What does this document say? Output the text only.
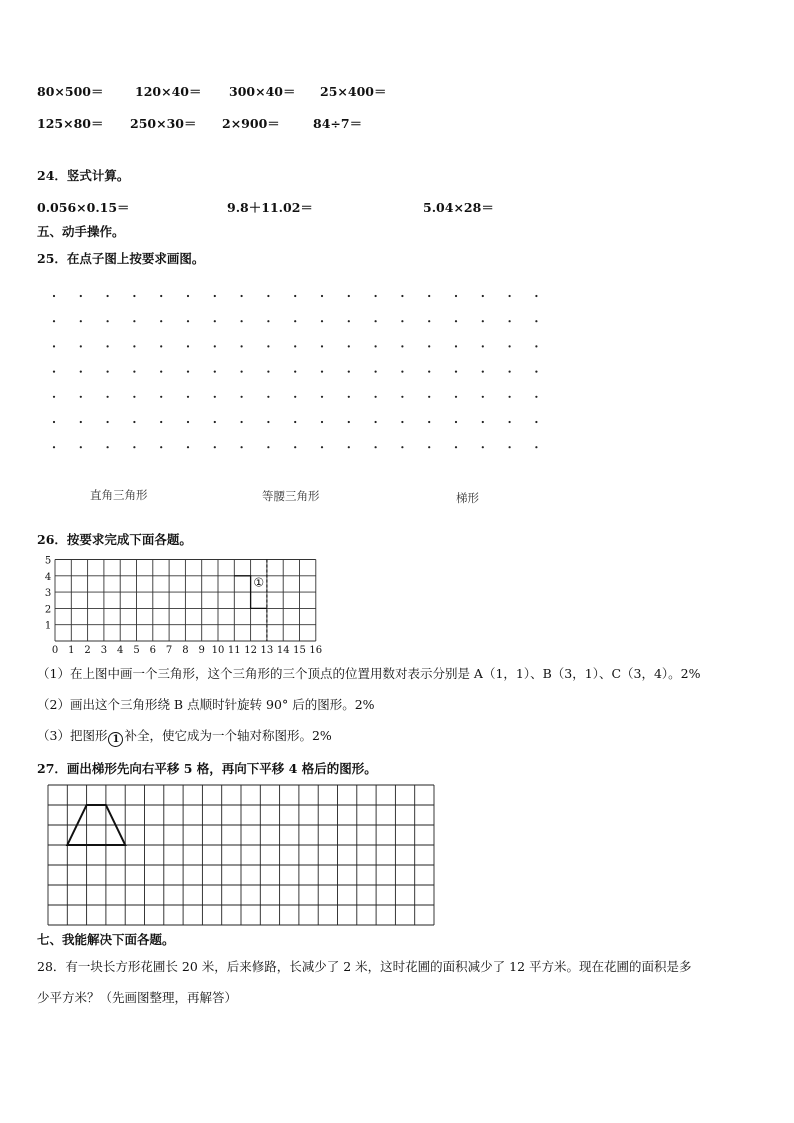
80×500＝	120×40＝ 300×40＝ 25×400＝
125×80＝ 250×30＝ 2×900＝	84÷7＝
24．竖式计算。
0.056×0.15＝	9.8＋11.02＝	5.04×28＝
五、动手操作。
25．在点子图上按要求画图。
直角三角形	等腰三角形	梯形
26．按要求完成下面各题。
0 1 2 3 4 5 6 7 8 9 10 11 12 13 14 15 16
1
2
3
4
5
①
（1）在上图中画一个三角形，这个三角形的三个顶点的位置用数对表示分别是 A（1，1）、B（3，1）、C（3，4）。2%
（2）画出这个三角形绕 B 点顺时针旋转 90° 后的图形。2%
（3）把图形 1 补全，使它成为一个轴对称图形。2%
27．画出梯形先向右平移 5 格，再向下平移 4 格后的图形。
七、我能解决下面各题。
28．有一块长方形花圃长 20 米，后来修路，长减少了 2 米，这时花圃的面积减少了 12 平方米。现在花圃的面积是多
少平方米？（先画图整理，再解答）
